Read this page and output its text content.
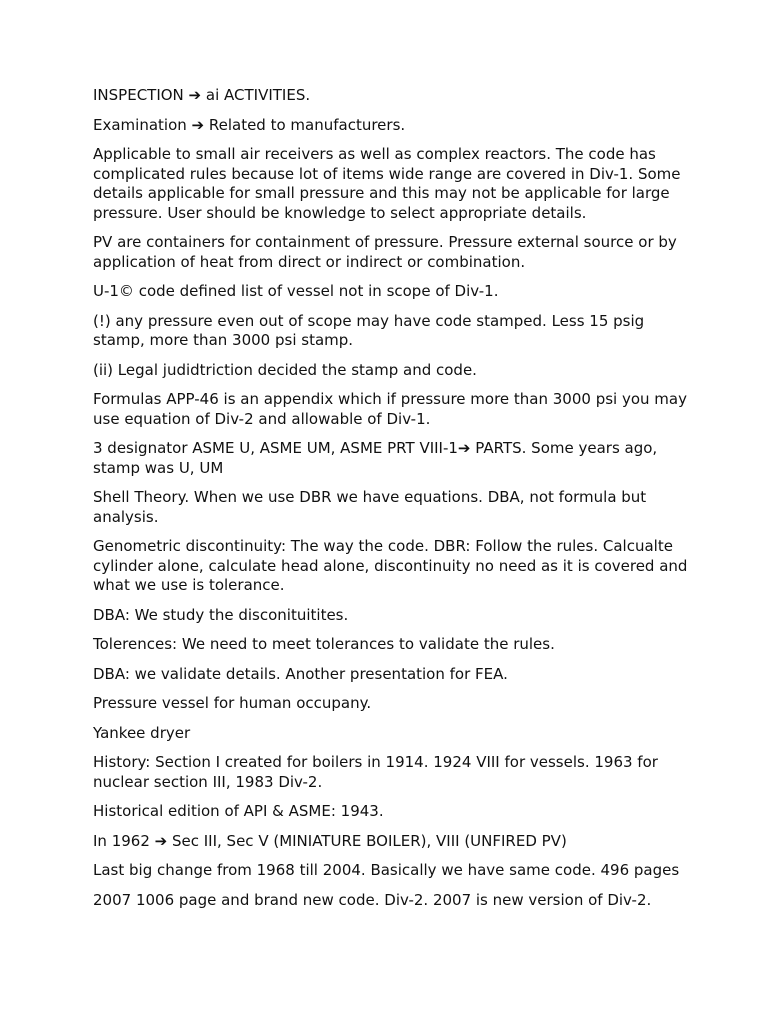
INSPECTION ➔ ai ACTIVITIES.

Examination ➔ Related to manufacturers.

Applicable to small air receivers as well as complex reactors. The code has complicated rules because lot of items wide range are covered in Div-1. Some details applicable for small pressure and this may not be applicable for large pressure. User should be knowledge to select appropriate details.

PV are containers for containment of pressure. Pressure external source or by application of heat from direct or indirect or combination.

U-1© code defined list of vessel not in scope of Div-1.

(!) any pressure even out of scope may have code stamped. Less 15 psig stamp, more than 3000 psi stamp.

(ii) Legal judidtriction decided the stamp and code.

Formulas APP-46 is an appendix which if pressure more than 3000 psi you may use equation of Div-2 and allowable of Div-1.

3 designator ASME U, ASME UM, ASME PRT VIII-1➔ PARTS. Some years ago, stamp was U, UM

Shell Theory. When we use DBR we have equations. DBA, not formula but analysis.

Genometric discontinuity: The way the code. DBR: Follow the rules. Calcualte cylinder alone, calculate head alone, discontinuity no need as it is covered and what we use is tolerance.

DBA: We study the disconituitites.

Tolerences: We need to meet tolerances to validate the rules.

DBA: we validate details. Another presentation for FEA.

Pressure vessel for human occupany.

Yankee dryer

History: Section I created for boilers in 1914. 1924 VIII for vessels. 1963 for nuclear section III, 1983 Div-2.

Historical edition of API & ASME: 1943.

In 1962 ➔ Sec III, Sec V (MINIATURE BOILER), VIII (UNFIRED PV)

Last big change from 1968 till 2004. Basically we have same code. 496 pages

2007 1006 page and brand new code. Div-2. 2007 is new version of Div-2.
